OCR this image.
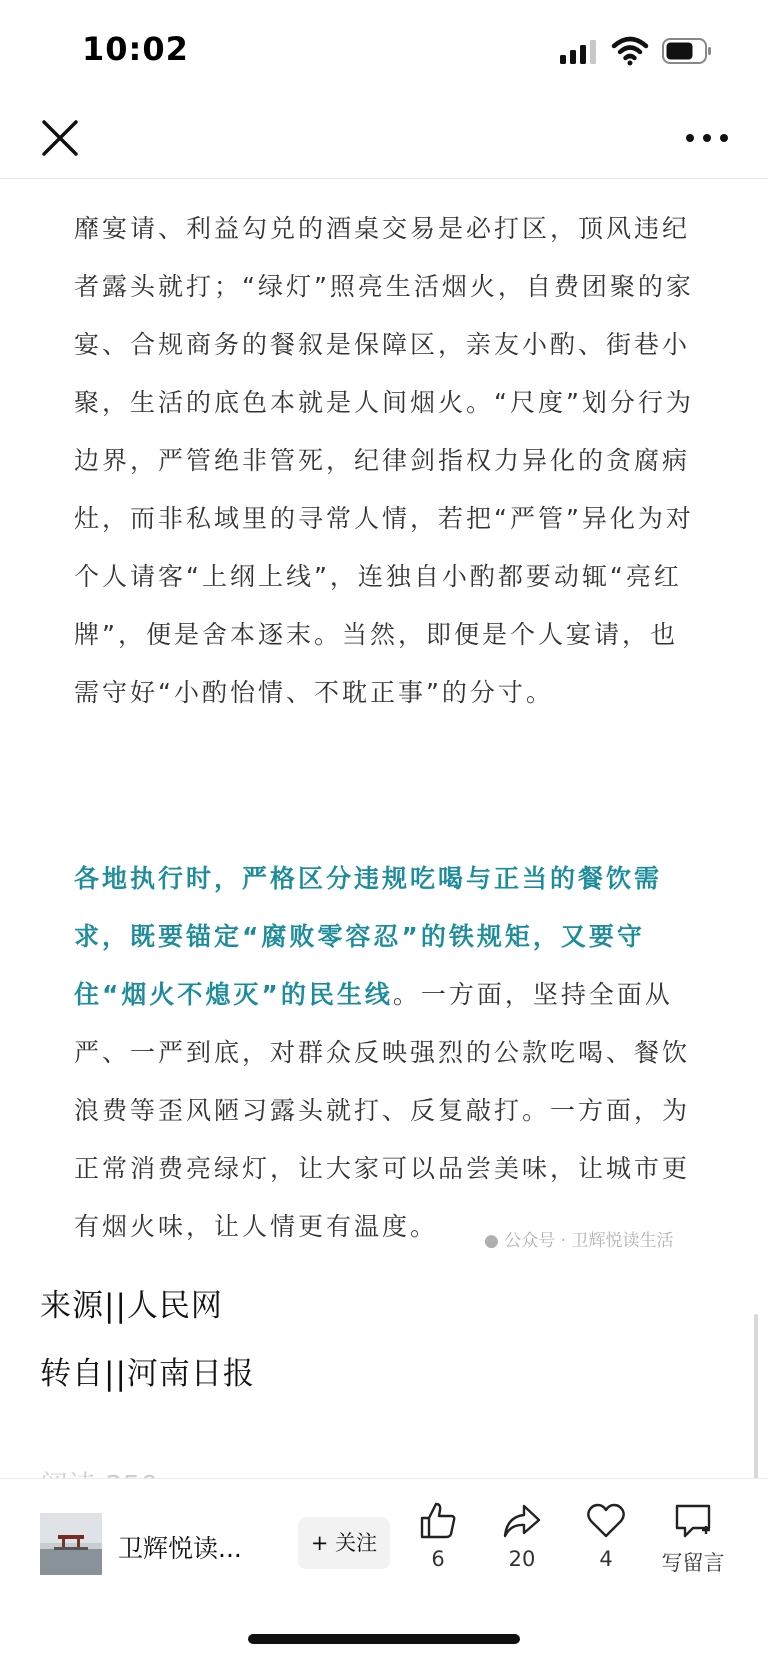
10:02
靡宴请、利益勾兑的酒桌交易是必打区，顶风违纪者露头就打；“绿灯”照亮生活烟火，自费团聚的家宴、合规商务的餐叙是保障区，亲友小酌、街巷小聚，生活的底色本就是人间烟火。“尺度”划分行为边界，严管绝非管死，纪律剑指权力异化的贪腐病灶，而非私域里的寻常人情，若把“严管”异化为对个人请客“上纲上线”，连独自小酌都要动辄“亮红牌”，便是舍本逐末。当然，即便是个人宴请，也需守好“小酌怡情、不耽正事”的分寸。
各地执行时，严格区分违规吃喝与正当的餐饮需求，既要锚定“腐败零容忍”的铁规矩，又要守住“烟火不熄灭”的民生线。一方面，坚持全面从严、一严到底，对群众反映强烈的公款吃喝、餐饮浪费等歪风陋习露头就打、反复敲打。一方面，为正常消费亮绿灯，让大家可以品尝美味，让城市更有烟火味，让人情更有温度。	● 公众号 · 卫辉悦读生活
来源||人民网
转自||河南日报
卫辉悦读...	+ 关注
6	20	4	写留言
